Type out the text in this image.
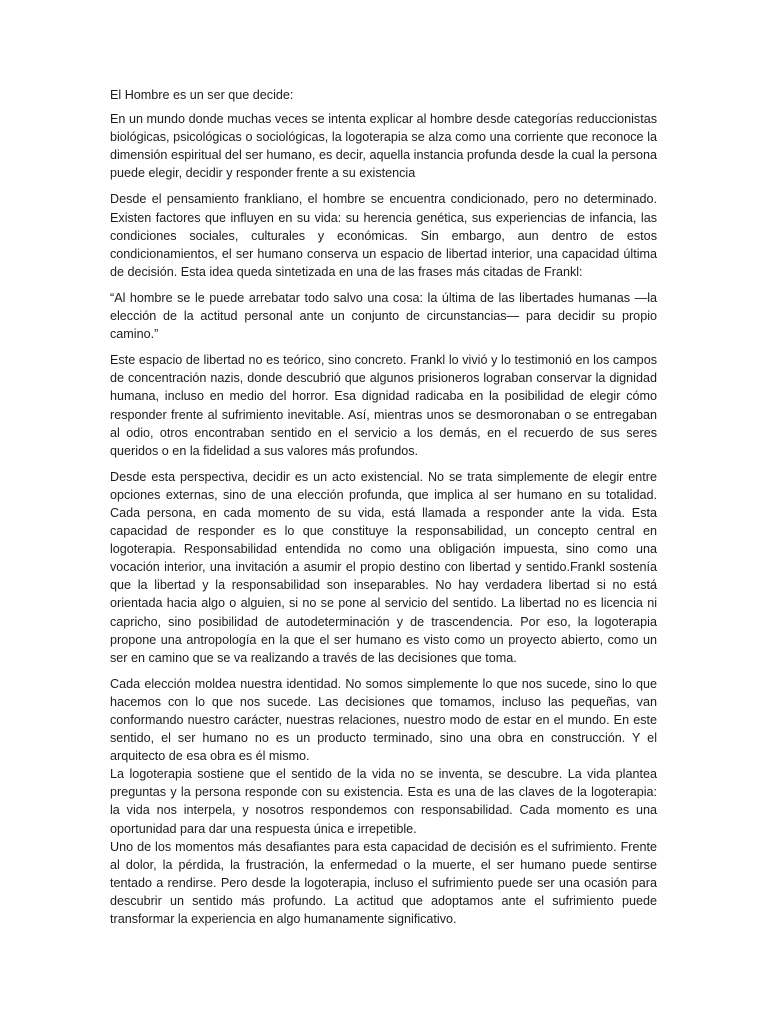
El Hombre es un ser que decide:

En un mundo donde muchas veces se intenta explicar al hombre desde categorías reduccionistas biológicas, psicológicas o sociológicas, la logoterapia se alza como una corriente que reconoce la dimensión espiritual del ser humano, es decir, aquella instancia profunda desde la cual la persona puede elegir, decidir y responder frente a su existencia

Desde el pensamiento frankliano, el hombre se encuentra condicionado, pero no determinado. Existen factores que influyen en su vida: su herencia genética, sus experiencias de infancia, las condiciones sociales, culturales y económicas. Sin embargo, aun dentro de estos condicionamientos, el ser humano conserva un espacio de libertad interior, una capacidad última de decisión. Esta idea queda sintetizada en una de las frases más citadas de Frankl:

“Al hombre se le puede arrebatar todo salvo una cosa: la última de las libertades humanas —la elección de la actitud personal ante un conjunto de circunstancias— para decidir su propio camino.”

Este espacio de libertad no es teórico, sino concreto. Frankl lo vivió y lo testimonió en los campos de concentración nazis, donde descubrió que algunos prisioneros lograban conservar la dignidad humana, incluso en medio del horror. Esa dignidad radicaba en la posibilidad de elegir cómo responder frente al sufrimiento inevitable. Así, mientras unos se desmoronaban o se entregaban al odio, otros encontraban sentido en el servicio a los demás, en el recuerdo de sus seres queridos o en la fidelidad a sus valores más profundos.

Desde esta perspectiva, decidir es un acto existencial. No se trata simplemente de elegir entre opciones externas, sino de una elección profunda, que implica al ser humano en su totalidad. Cada persona, en cada momento de su vida, está llamada a responder ante la vida. Esta capacidad de responder es lo que constituye la responsabilidad, un concepto central en logoterapia. Responsabilidad entendida no como una obligación impuesta, sino como una vocación interior, una invitación a asumir el propio destino con libertad y sentido.Frankl sostenía que la libertad y la responsabilidad son inseparables. No hay verdadera libertad si no está orientada hacia algo o alguien, si no se pone al servicio del sentido. La libertad no es licencia ni capricho, sino posibilidad de autodeterminación y de trascendencia. Por eso, la logoterapia propone una antropología en la que el ser humano es visto como un proyecto abierto, como un ser en camino que se va realizando a través de las decisiones que toma.

Cada elección moldea nuestra identidad. No somos simplemente lo que nos sucede, sino lo que hacemos con lo que nos sucede. Las decisiones que tomamos, incluso las pequeñas, van conformando nuestro carácter, nuestras relaciones, nuestro modo de estar en el mundo. En este sentido, el ser humano no es un producto terminado, sino una obra en construcción. Y el arquitecto de esa obra es él mismo.

La logoterapia sostiene que el sentido de la vida no se inventa, se descubre. La vida plantea preguntas y la persona responde con su existencia. Esta es una de las claves de la logoterapia: la vida nos interpela, y nosotros respondemos con responsabilidad. Cada momento es una oportunidad para dar una respuesta única e irrepetible.

Uno de los momentos más desafiantes para esta capacidad de decisión es el sufrimiento. Frente al dolor, la pérdida, la frustración, la enfermedad o la muerte, el ser humano puede sentirse tentado a rendirse. Pero desde la logoterapia, incluso el sufrimiento puede ser una ocasión para descubrir un sentido más profundo. La actitud que adoptamos ante el sufrimiento puede transformar la experiencia en algo humanamente significativo.
